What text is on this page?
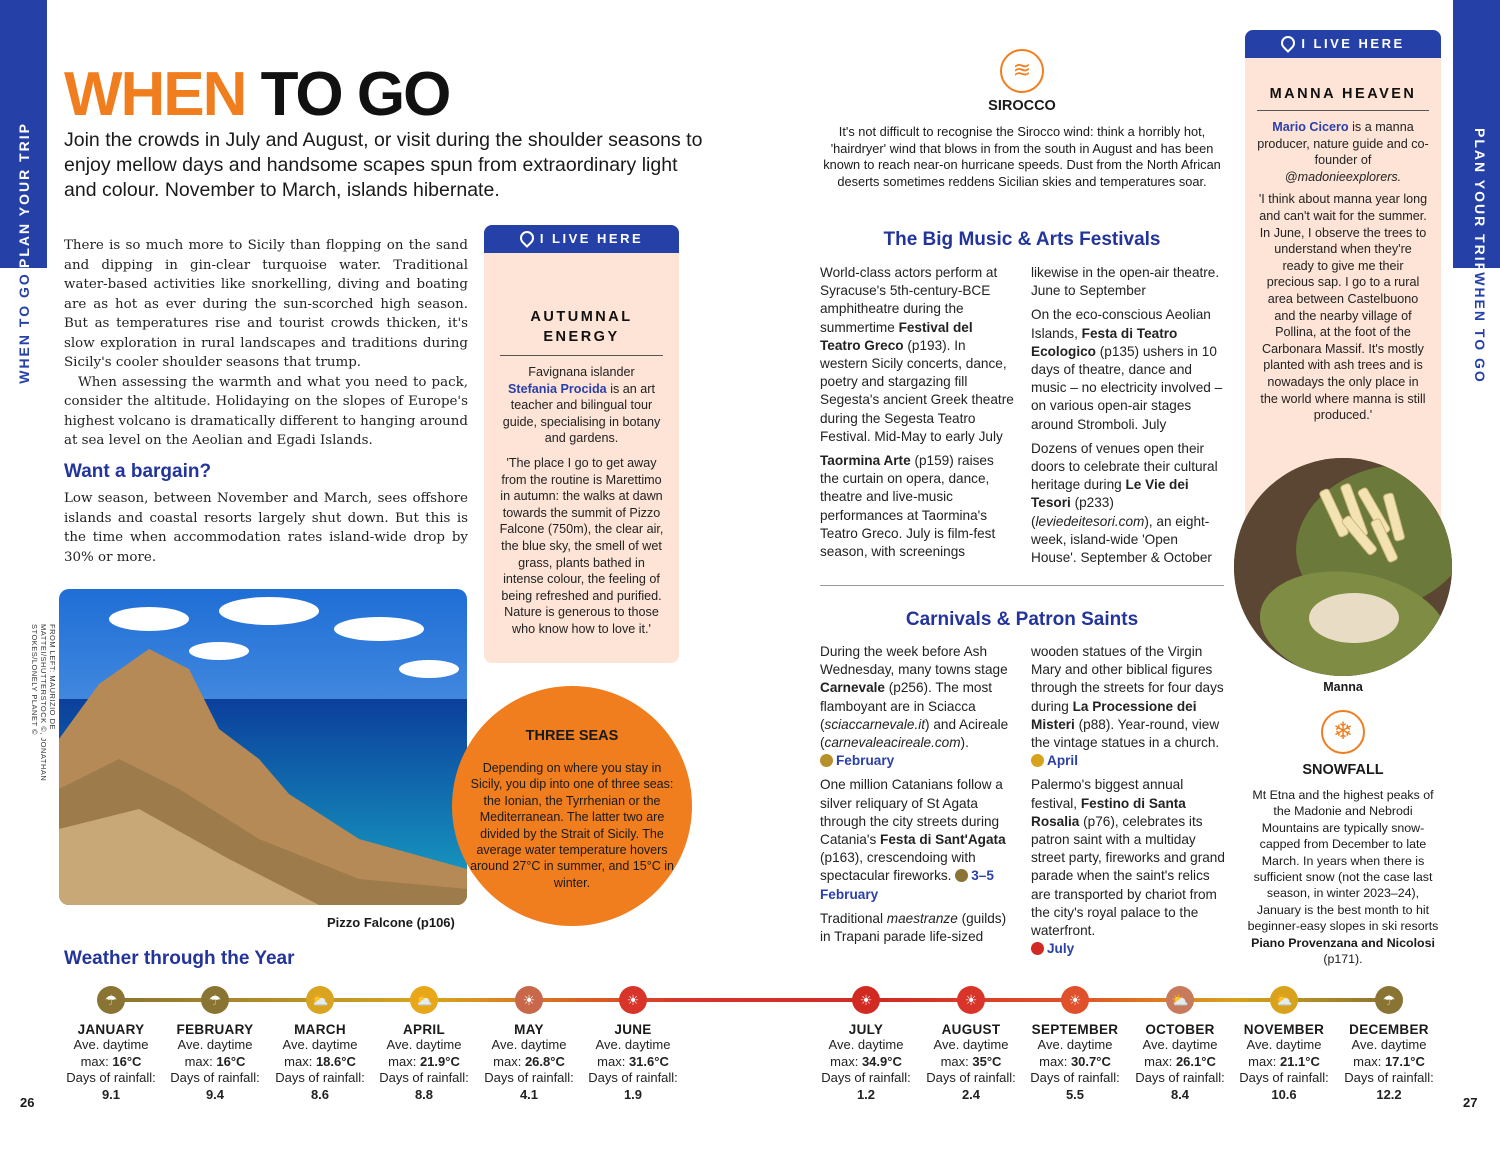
PLAN YOUR TRIP
WHEN TO GO
26
PLAN YOUR TRIP
WHEN TO GO
27
WHEN TO GO
Join the crowds in July and August, or visit during the shoulder seasons to enjoy mellow days and handsome scapes spun from extraordinary light and colour. November to March, islands hibernate.

There is so much more to Sicily than flopping on the sand and dipping in gin-clear turquoise water. Traditional water-based activities like snorkelling, diving and boating are as hot as ever during the sun-scorched high season. But as temperatures rise and tourist crowds thicken, it's slow exploration in rural landscapes and traditions during Sicily's cooler shoulder seasons that trump.

When assessing the warmth and what you need to pack, consider the altitude. Holidaying on the slopes of Europe's highest volcano is dramatically different to hanging around at sea level on the Aeolian and Egadi Islands.

Want a bargain?
Low season, between November and March, sees offshore islands and coastal resorts largely shut down. But this is the time when accommodation rates island-wide drop by 30% or more.
I LIVE HERE
AUTUMNAL
ENERGY
Favignana islander
Stefania Procida is an art teacher and bilingual tour guide, specialising in botany and gardens.
'The place I go to get away from the routine is Marettimo in autumn: the walks at dawn towards the summit of Pizzo Falcone (750m), the clear air, the blue sky, the smell of wet grass, plants bathed in intense colour, the feeling of being refreshed and purified. Nature is generous to those who know how to love it.'
FROM LEFT: MAURIZIO DE MATTEI/SHUTTERSTOCK ©, JONATHAN STOKES/LONELY PLANET ©
Pizzo Falcone (p106)
THREE SEAS
Depending on where you stay in Sicily, you dip into one of three seas: the Ionian, the Tyrrhenian or the Mediterranean. The latter two are divided by the Strait of Sicily. The average water temperature hovers around 27°C in summer, and 15°C in winter.
≋
SIROCCO
It's not difficult to recognise the Sirocco wind: think a horribly hot, 'hairdryer' wind that blows in from the south in August and has been known to reach near-on hurricane speeds. Dust from the North African deserts sometimes reddens Sicilian skies and temperatures soar.
The Big Music & Arts Festivals

World-class actors perform at Syracuse's 5th-century-BCE amphitheatre during the summertime Festival del Teatro Greco (p193). In western Sicily concerts, dance, poetry and stargazing fill Segesta's ancient Greek theatre during the Segesta Teatro Festival. Mid-May to early July

Taormina Arte (p159) raises the curtain on opera, dance, theatre and live-music performances at Taormina's Teatro Greco. July is film-fest season, with screenings

likewise in the open-air theatre. June to September

On the eco-conscious Aeolian Islands, Festa di Teatro Ecologico (p135) ushers in 10 days of theatre, dance and music – no electricity involved – on various open-air stages around Stromboli. July

Dozens of venues open their doors to celebrate their cultural heritage during Le Vie dei Tesori (p233) (leviedeitesori.com), an eight-week, island-wide 'Open House'. September & October

Carnivals & Patron Saints

During the week before Ash Wednesday, many towns stage Carnevale (p256). The most flamboyant are in Sciacca (sciaccarnevale.it) and Acireale (carnevaleacireale.com).
February

One million Catanians follow a silver reliquary of St Agata through the city streets during Catania's Festa di Sant'Agata (p163), crescendoing with spectacular fireworks. 3–5 February

Traditional maestranze (guilds) in Trapani parade life-sized

wooden statues of the Virgin Mary and other biblical figures through the streets for four days during La Processione dei Misteri (p88). Year-round, view the vintage statues in a church. April

Palermo's biggest annual festival, Festino di Santa Rosalia (p76), celebrates its patron saint with a multiday street party, fireworks and grand parade when the saint's relics are transported by chariot from the city's royal palace to the waterfront.
July

I LIVE HERE
MANNA HEAVEN
Mario Cicero is a manna producer, nature guide and co-founder of @madonieexplorers.
'I think about manna year long and can't wait for the summer. In June, I observe the trees to understand when they're ready to give me their precious sap. I go to a rural area between Castelbuono and the nearby village of Pollina, at the foot of the Carbonara Massif. It's mostly planted with ash trees and is nowadays the only place in the world where manna is still produced.'
Manna
❄
SNOWFALL
Mt Etna and the highest peaks of the Madonie and Nebrodi Mountains are typically snow-capped from December to late March. In years when there is sufficient snow (not the case last season, in winter 2023–24), January is the best month to hit beginner-easy slopes in ski resorts Piano Provenzana and Nicolosi (p171).
Weather through the Year
☂
JANUARY
Ave. daytime
max: 16°C
Days of rainfall:
9.1
☂
FEBRUARY
Ave. daytime
max: 16°C
Days of rainfall:
9.4
⛅
MARCH
Ave. daytime
max: 18.6°C
Days of rainfall:
8.6
⛅
APRIL
Ave. daytime
max: 21.9°C
Days of rainfall:
8.8
☀
MAY
Ave. daytime
max: 26.8°C
Days of rainfall:
4.1
☀
JUNE
Ave. daytime
max: 31.6°C
Days of rainfall:
1.9
☀
JULY
Ave. daytime
max: 34.9°C
Days of rainfall:
1.2
☀
AUGUST
Ave. daytime
max: 35°C
Days of rainfall:
2.4
☀
SEPTEMBER
Ave. daytime
max: 30.7°C
Days of rainfall:
5.5
⛅
OCTOBER
Ave. daytime
max: 26.1°C
Days of rainfall:
8.4
⛅
NOVEMBER
Ave. daytime
max: 21.1°C
Days of rainfall:
10.6
☂
DECEMBER
Ave. daytime
max: 17.1°C
Days of rainfall:
12.2
